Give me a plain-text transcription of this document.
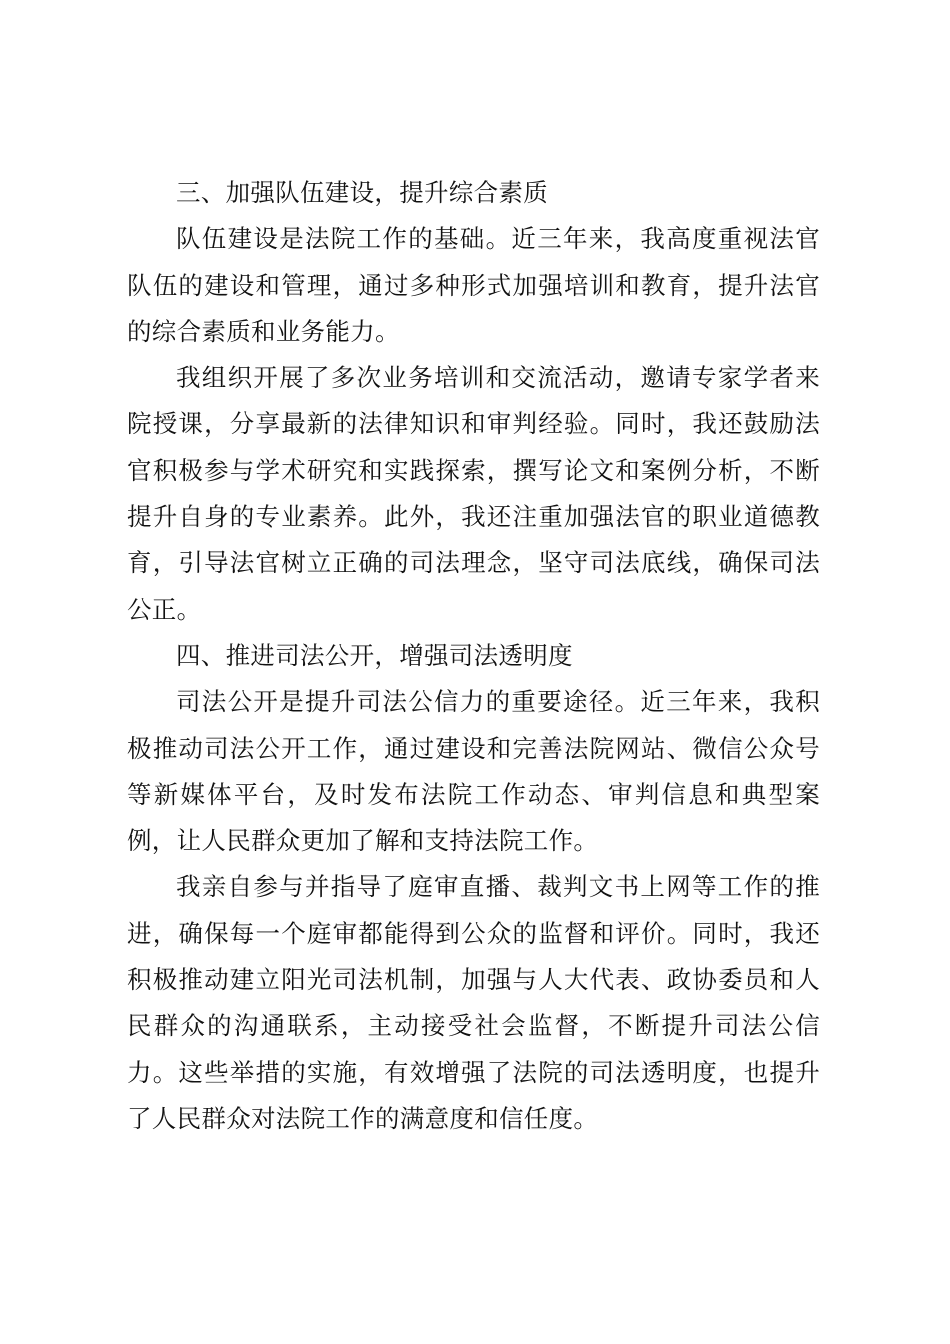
三、加强队伍建设，提升综合素质

队伍建设是法院工作的基础。近三年来，我高度重视法官队伍的建设和管理，通过多种形式加强培训和教育，提升法官的综合素质和业务能力。

我组织开展了多次业务培训和交流活动，邀请专家学者来院授课，分享最新的法律知识和审判经验。同时，我还鼓励法官积极参与学术研究和实践探索，撰写论文和案例分析，不断提升自身的专业素养。此外，我还注重加强法官的职业道德教育，引导法官树立正确的司法理念，坚守司法底线，确保司法公正。

四、推进司法公开，增强司法透明度

司法公开是提升司法公信力的重要途径。近三年来，我积极推动司法公开工作，通过建设和完善法院网站、微信公众号等新媒体平台，及时发布法院工作动态、审判信息和典型案例，让人民群众更加了解和支持法院工作。

我亲自参与并指导了庭审直播、裁判文书上网等工作的推进，确保每一个庭审都能得到公众的监督和评价。同时，我还积极推动建立阳光司法机制，加强与人大代表、政协委员和人民群众的沟通联系，主动接受社会监督，不断提升司法公信力。这些举措的实施，有效增强了法院的司法透明度，也提升了人民群众对法院工作的满意度和信任度。
